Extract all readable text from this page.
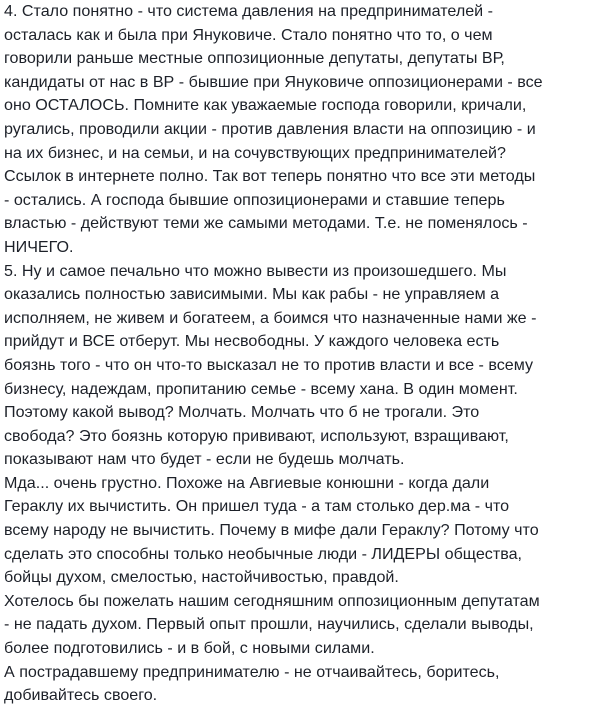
4. Стало понятно - что система давления на предпринимателей -
осталась как и была при Януковиче. Стало понятно что то, о чем
говорили раньше местные оппозиционные депутаты, депутаты ВР,
кандидаты от нас в ВР - бывшие при Януковиче оппозиционерами - все
оно ОСТАЛОСЬ. Помните как уважаемые господа говорили, кричали,
ругались, проводили акции - против давления власти на оппозицию - и
на их бизнес, и на семьи, и на сочувствующих предпринимателей?
Ссылок в интернете полно. Так вот теперь понятно что все эти методы
- остались. А господа бывшие оппозиционерами и ставшие теперь
властью - действуют теми же самыми методами. Т.е. не поменялось -
НИЧЕГО.
5. Ну и самое печально что можно вывести из произошедшего. Мы
оказались полностью зависимыми. Мы как рабы - не управляем а
исполняем, не живем и богатеем, а боимся что назначенные нами же -
прийдут и ВСЕ отберут. Мы несвободны. У каждого человека есть
боязнь того - что он что-то высказал не то против власти и все - всему
бизнесу, надеждам, пропитанию семье - всему хана. В один момент.
Поэтому какой вывод? Молчать. Молчать что б не трогали. Это
свобода? Это боязнь которую прививают, используют, взращивают,
показывают нам что будет - если не будешь молчать.
Мда... очень грустно. Похоже на Авгиевые конюшни - когда дали
Гераклу их вычистить. Он пришел туда - а там столько дер.ма - что
всему народу не вычистить. Почему в мифе дали Гераклу? Потому что
сделать это способны только необычные люди - ЛИДЕРЫ общества,
бойцы духом, смелостью, настойчивостью, правдой.
Хотелось бы пожелать нашим сегодняшним оппозиционным депутатам
- не падать духом. Первый опыт прошли, научились, сделали выводы,
более подготовились - и в бой, с новыми силами.
А пострадавшему предпринимателю - не отчаивайтесь, боритесь,
добивайтесь своего.
